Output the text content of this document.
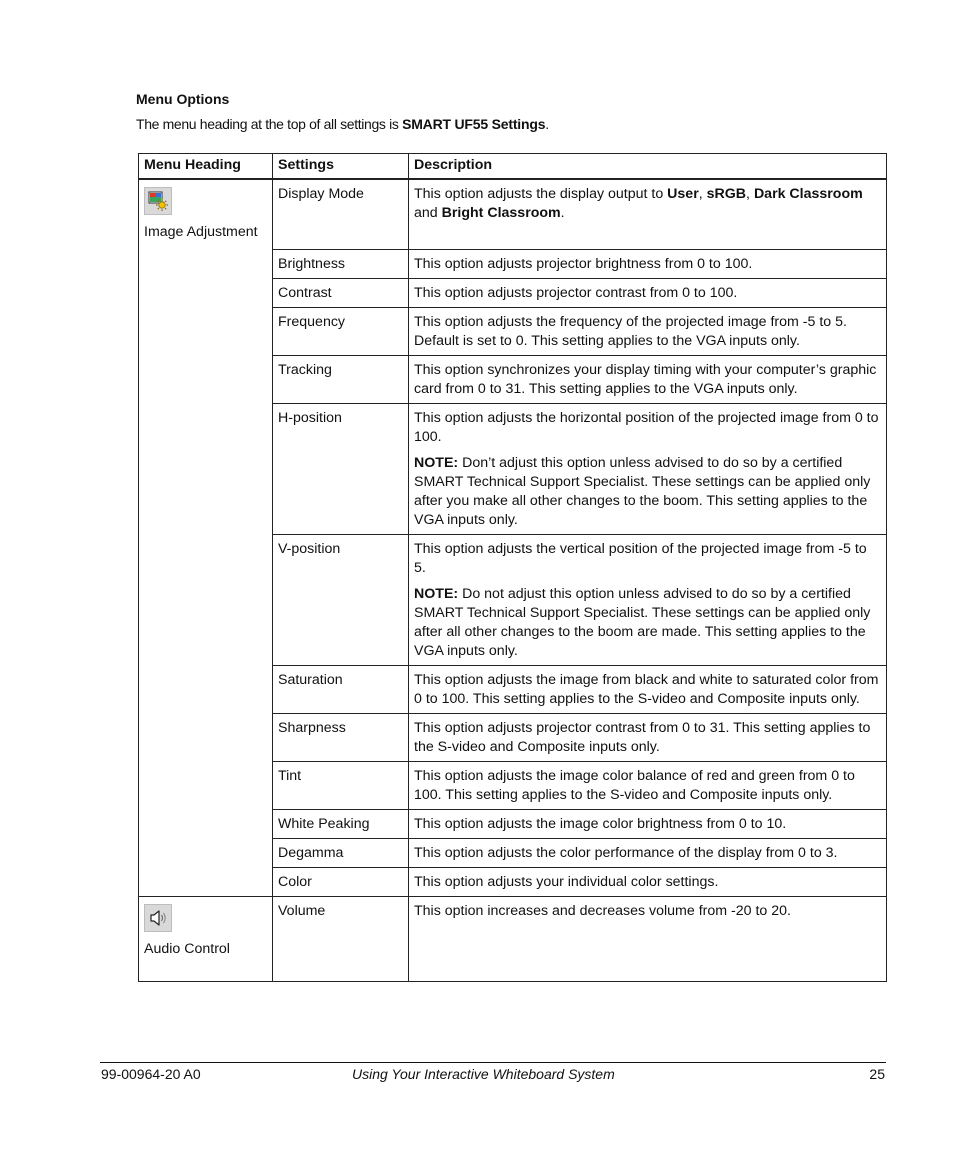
Menu Options
The menu heading at the top of all settings is SMART UF55 Settings.
Menu Heading	Settings	Description

Image Adjustment	Display Mode	This option adjusts the display output to User, sRGB, Dark Classroom and Bright Classroom.
	Brightness	This option adjusts projector brightness from 0 to 100.
	Contrast	This option adjusts projector contrast from 0 to 100.
	Frequency	This option adjusts the frequency of the projected image from -5 to 5. Default is set to 0. This setting applies to the VGA inputs only.
	Tracking	This option synchronizes your display timing with your computer’s graphic card from 0 to 31. This setting applies to the VGA inputs only.
	H-position	This option adjusts the horizontal position of the projected image from 0 to 100.

NOTE: Don’t adjust this option unless advised to do so by a certified SMART Technical Support Specialist. These settings can be applied only after you make all other changes to the boom. This setting applies to the VGA inputs only.

	V-position	This option adjusts the vertical position of the projected image from -5 to 5.

NOTE: Do not adjust this option unless advised to do so by a certified SMART Technical Support Specialist. These settings can be applied only after all other changes to the boom are made. This setting applies to the VGA inputs only.

	Saturation	This option adjusts the image from black and white to saturated color from 0 to 100. This setting applies to the S-video and Composite inputs only.
	Sharpness	This option adjusts projector contrast from 0 to 31. This setting applies to the S-video and Composite inputs only.
	Tint	This option adjusts the image color balance of red and green from 0 to 100. This setting applies to the S-video and Composite inputs only.
	White Peaking	This option adjusts the image color brightness from 0 to 10.
	Degamma	This option adjusts the color performance of the display from 0 to 3.
	Color	This option adjusts your individual color settings.

Audio Control	Volume	This option increases and decreases volume from -20 to 20.
99-00964-20 A0	Using Your Interactive Whiteboard System	25
